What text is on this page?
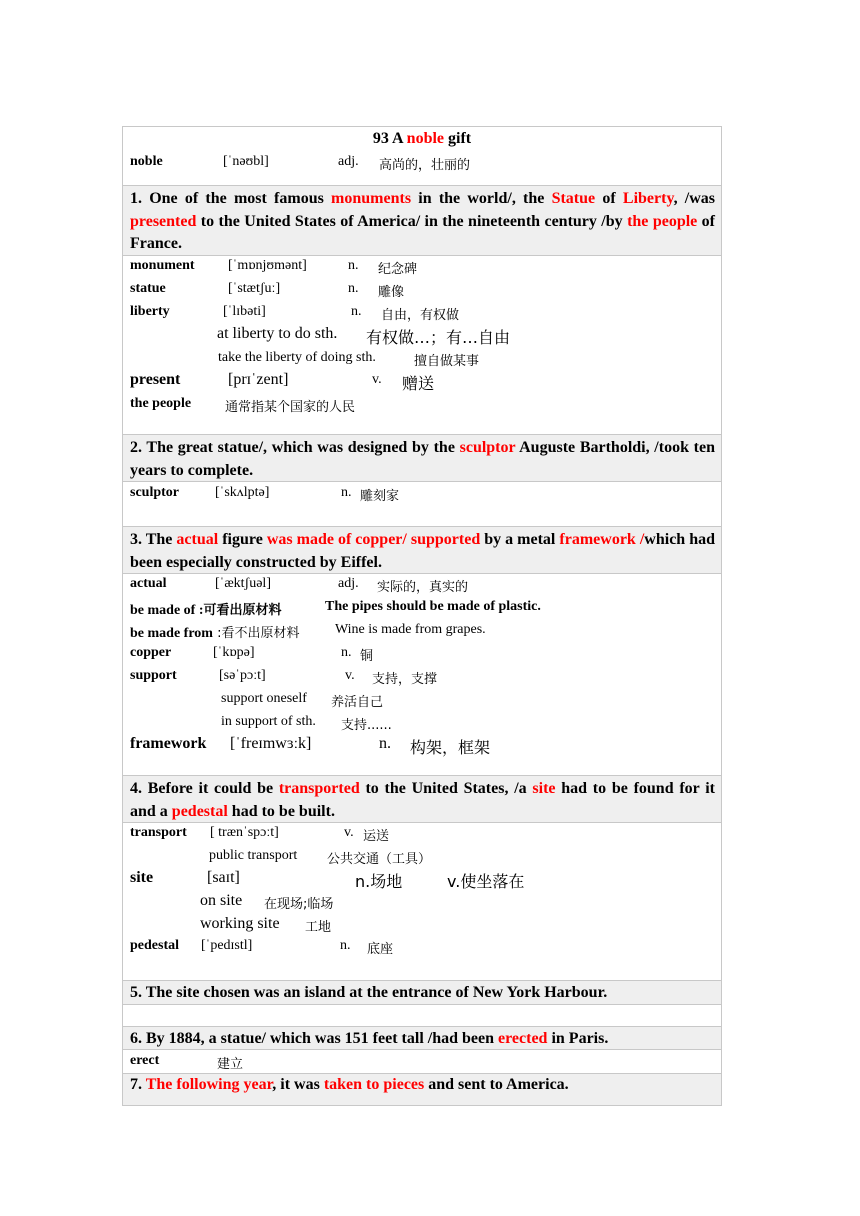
93 A noble gift
noble	[ˈnəʊbl]	adj. 高尚的，壮丽的
1. One of the most famous monuments in the world/, the Statue of Liberty, /was presented to the United States of America/ in the nineteenth century /by the people of France.
monument [ˈmɒnjʊmənt]	n. 纪念碑
statue	[ˈstætʃuː]	n. 雕像
liberty	[ˈlɪbəti]	n. 自由，有权做
at liberty to do sth. 有权做…；有…自由
take the liberty of doing sth.	擅自做某事
present	[prɪˈzent]	v. 赠送
the people	通常指某个国家的人民
2. The great statue/, which was designed by the sculptor Auguste Bartholdi, /took ten years to complete.
sculptor	[ˈskʌlptə]	n. 雕刻家
3. The actual figure was made of copper/ supported by a metal framework /which had been especially constructed by Eiffel.
actual	[ˈæktʃuəl]	adj. 实际的，真实的
be made of :可看出原材料	The pipes should be made of plastic.
be made from :看不出原材料	Wine is made from grapes.
copper	[ˈkɒpə]	n. 铜
support	[səˈpɔːt]	v. 支持，支撑
support oneself 养活自己
in support of sth. 支持......
framework [ˈfreɪmwɜːk]	n. 构架，框架
4. Before it could be transported to the United States, /a site had to be found for it and a pedestal had to be built.
transport [ trænˈspɔːt]	v. 运送
public transport 公共交通（工具）
site	[saɪt]	n.场地	v.使坐落在
on site 在现场;临场
working site 工地
pedestal [ˈpedɪstl]	n. 底座
5. The site chosen was an island at the entrance of New York Harbour.
6. By 1884, a statue/ which was 151 feet tall /had been erected in Paris.
erect	建立
7. The following year, it was taken to pieces and sent to America.
